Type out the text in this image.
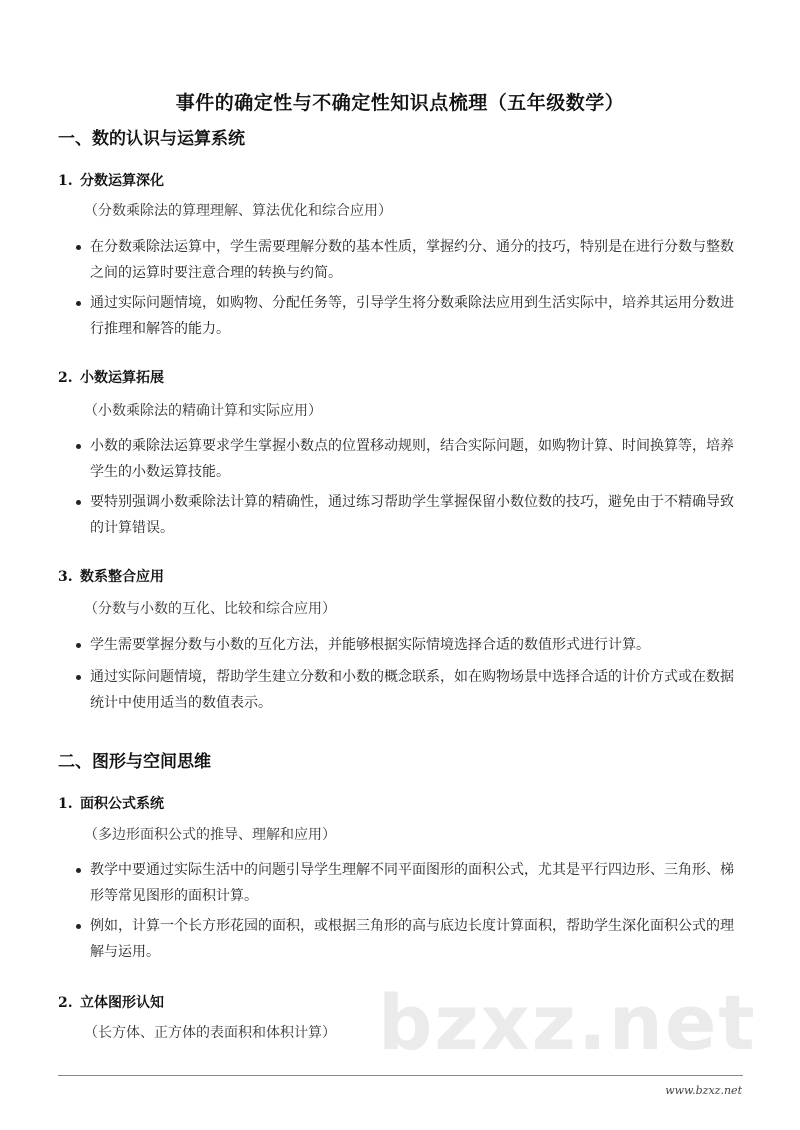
事件的确定性与不确定性知识点梳理（五年级数学）
一、数的认识与运算系统
1. 分数运算深化
（分数乘除法的算理理解、算法优化和综合应用）
在分数乘除法运算中，学生需要理解分数的基本性质，掌握约分、通分的技巧，特别是在进行分数与整数之间的运算时要注意合理的转换与约简。
通过实际问题情境，如购物、分配任务等，引导学生将分数乘除法应用到生活实际中，培养其运用分数进行推理和解答的能力。
2. 小数运算拓展
（小数乘除法的精确计算和实际应用）
小数的乘除法运算要求学生掌握小数点的位置移动规则，结合实际问题，如购物计算、时间换算等，培养学生的小数运算技能。
要特别强调小数乘除法计算的精确性，通过练习帮助学生掌握保留小数位数的技巧，避免由于不精确导致的计算错误。
3. 数系整合应用
（分数与小数的互化、比较和综合应用）
学生需要掌握分数与小数的互化方法，并能够根据实际情境选择合适的数值形式进行计算。
通过实际问题情境，帮助学生建立分数和小数的概念联系，如在购物场景中选择合适的计价方式或在数据统计中使用适当的数值表示。
二、图形与空间思维
1. 面积公式系统
（多边形面积公式的推导、理解和应用）
教学中要通过实际生活中的问题引导学生理解不同平面图形的面积公式，尤其是平行四边形、三角形、梯形等常见图形的面积计算。
例如，计算一个长方形花园的面积，或根据三角形的高与底边长度计算面积，帮助学生深化面积公式的理解与运用。
2. 立体图形认知
（长方体、正方体的表面积和体积计算） bzxz.net
www.bzxz.net
